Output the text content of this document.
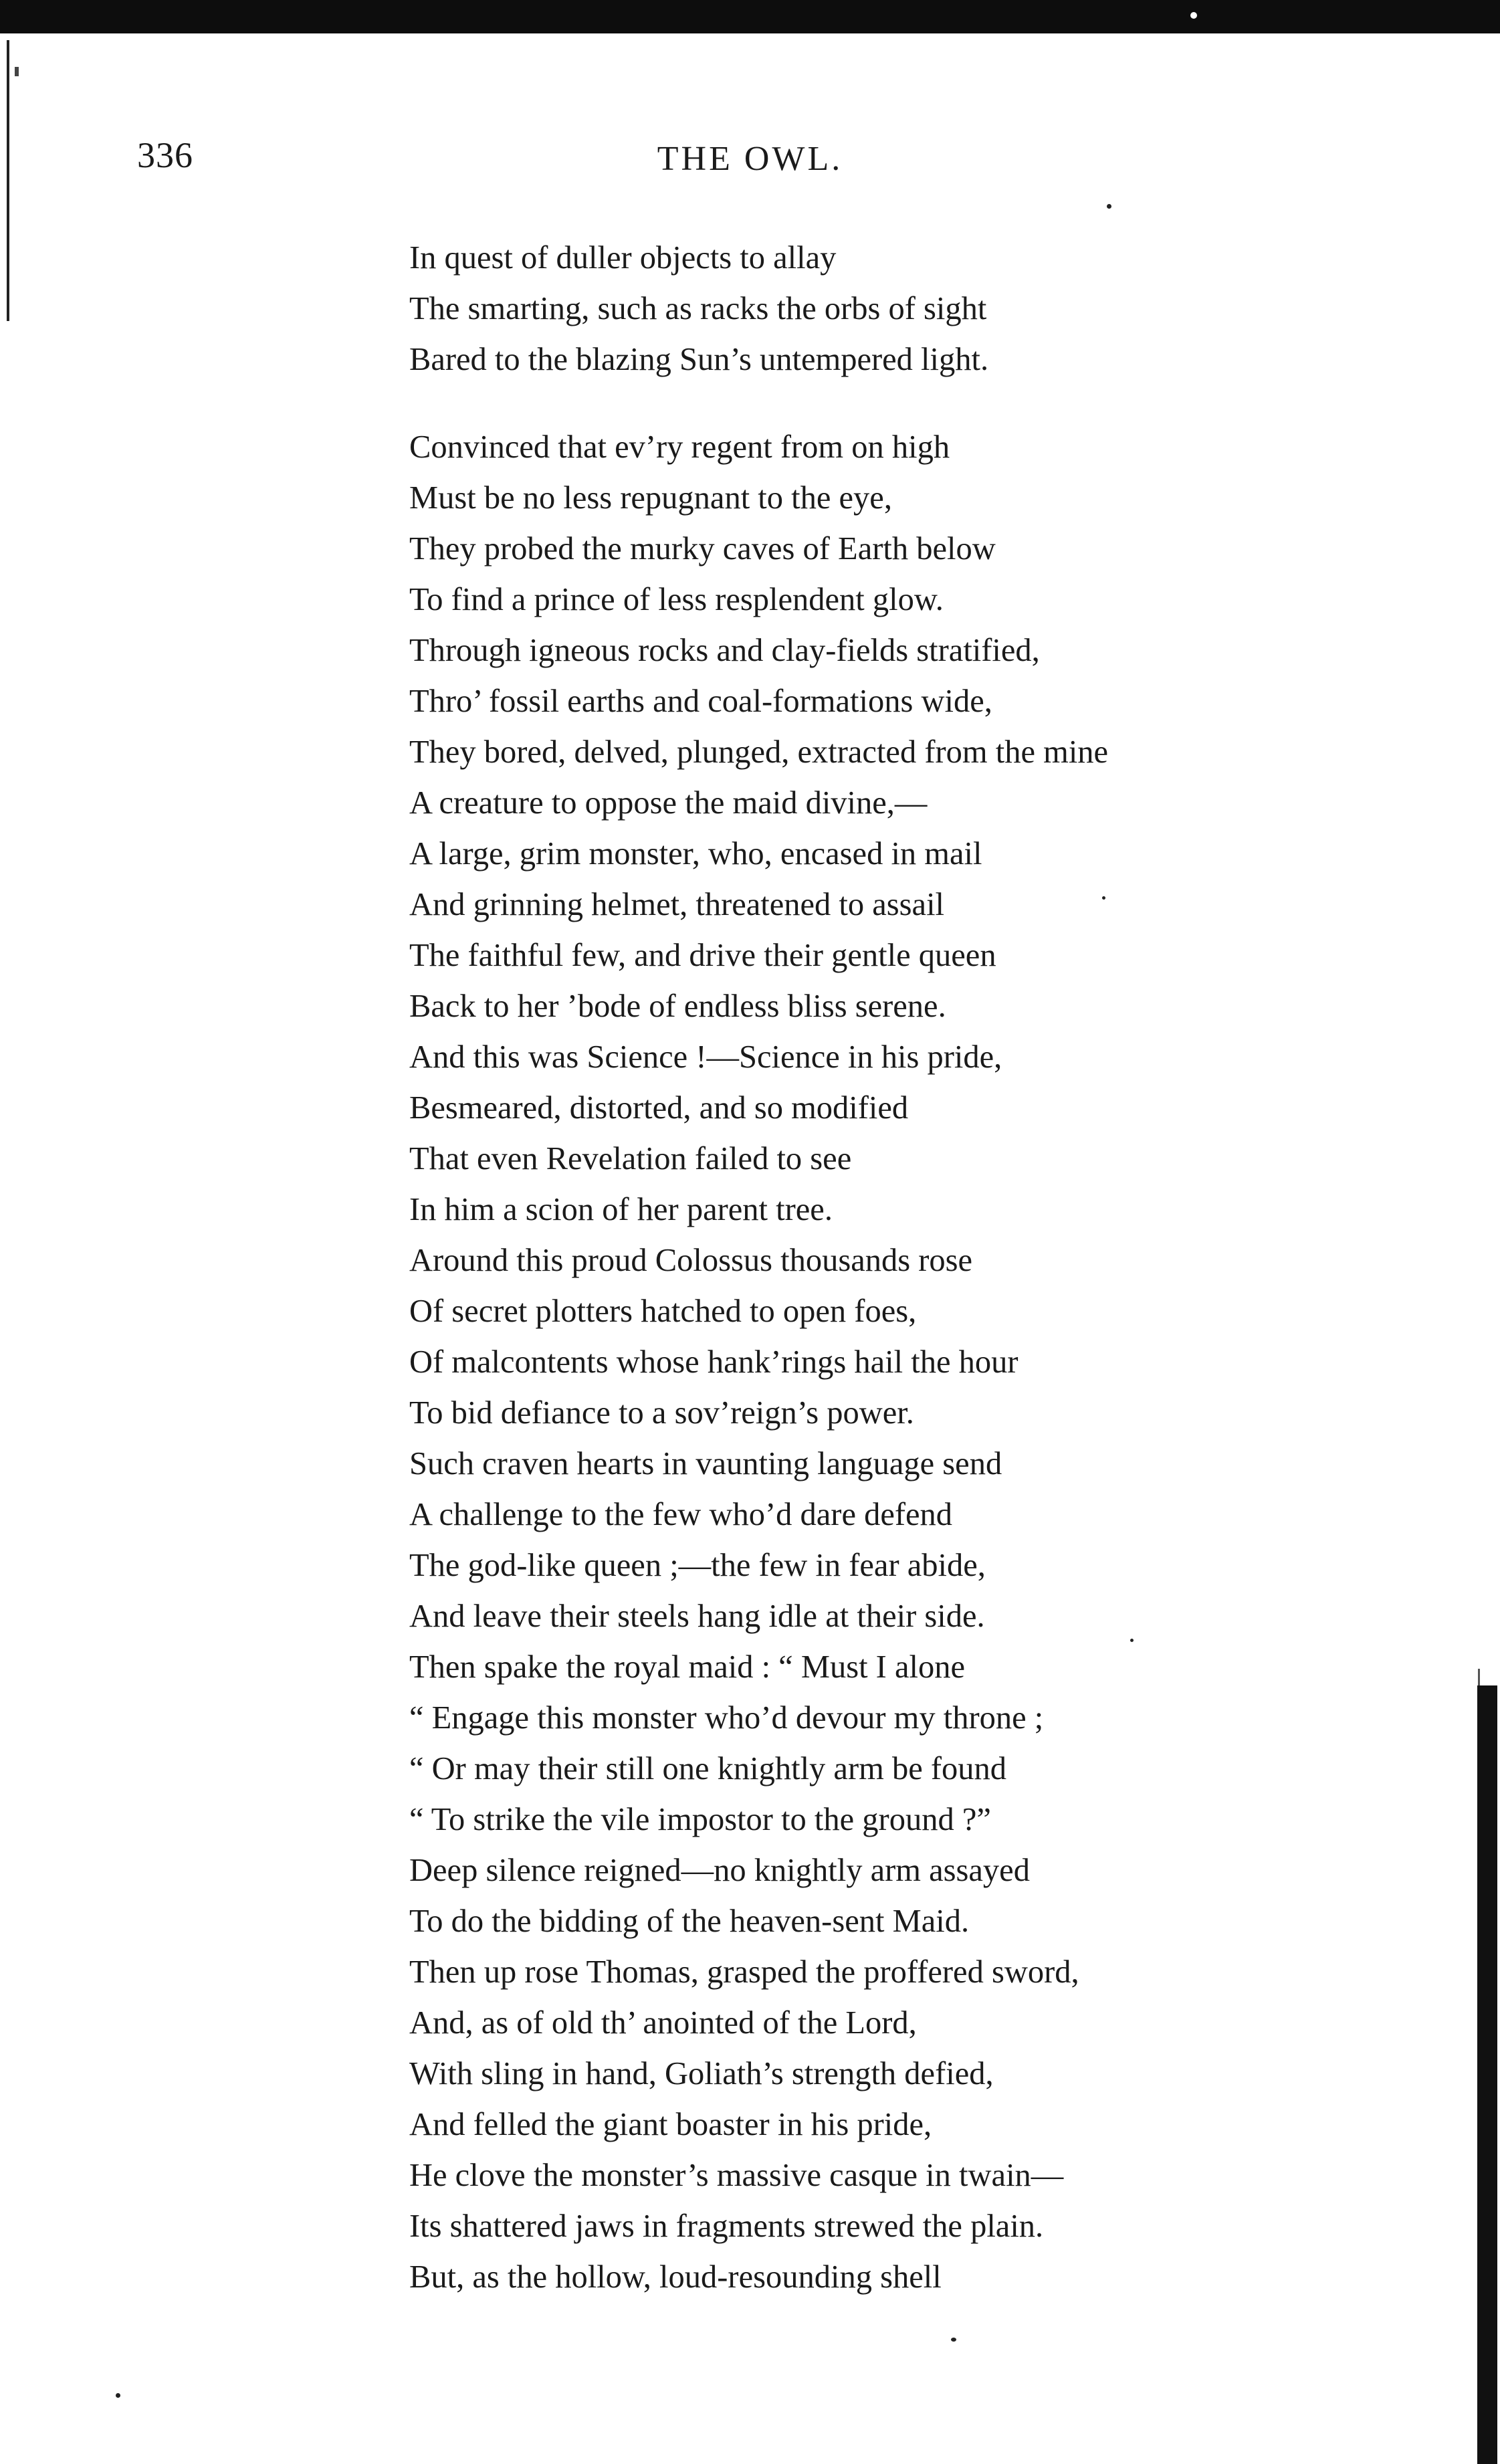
336	THE OWL.

In quest of duller objects to allay

The smarting, such as racks the orbs of sight

Bared to the blazing Sun’s untempered light.

Convinced that ev’ry regent from on high

Must be no less repugnant to the eye,

They probed the murky caves of Earth below

To find a prince of less resplendent glow.

Through igneous rocks and clay-fields stratified,

Thro’ fossil earths and coal-formations wide,

They bored, delved, plunged, extracted from the mine

A creature to oppose the maid divine,—

A large, grim monster, who, encased in mail

And grinning helmet, threatened to assail

The faithful few, and drive their gentle queen

Back to her ’bode of endless bliss serene.

And this was Science !—Science in his pride,

Besmeared, distorted, and so modified

That even Revelation failed to see

In him a scion of her parent tree.

Around this proud Colossus thousands rose

Of secret plotters hatched to open foes,

Of malcontents whose hank’rings hail the hour

To bid defiance to a sov’reign’s power.

Such craven hearts in vaunting language send

A challenge to the few who’d dare defend

The god-like queen ;—the few in fear abide,

And leave their steels hang idle at their side.

Then spake the royal maid : “ Must I alone

“ Engage this monster who’d devour my throne ;

“ Or may their still one knightly arm be found

“ To strike the vile impostor to the ground ?”

Deep silence reigned—no knightly arm assayed

To do the bidding of the heaven-sent Maid.

Then up rose Thomas, grasped the proffered sword,

And, as of old th’ anointed of the Lord,

With sling in hand, Goliath’s strength defied,

And felled the giant boaster in his pride,

He clove the monster’s massive casque in twain—

Its shattered jaws in fragments strewed the plain.

But, as the hollow, loud-resounding shell
